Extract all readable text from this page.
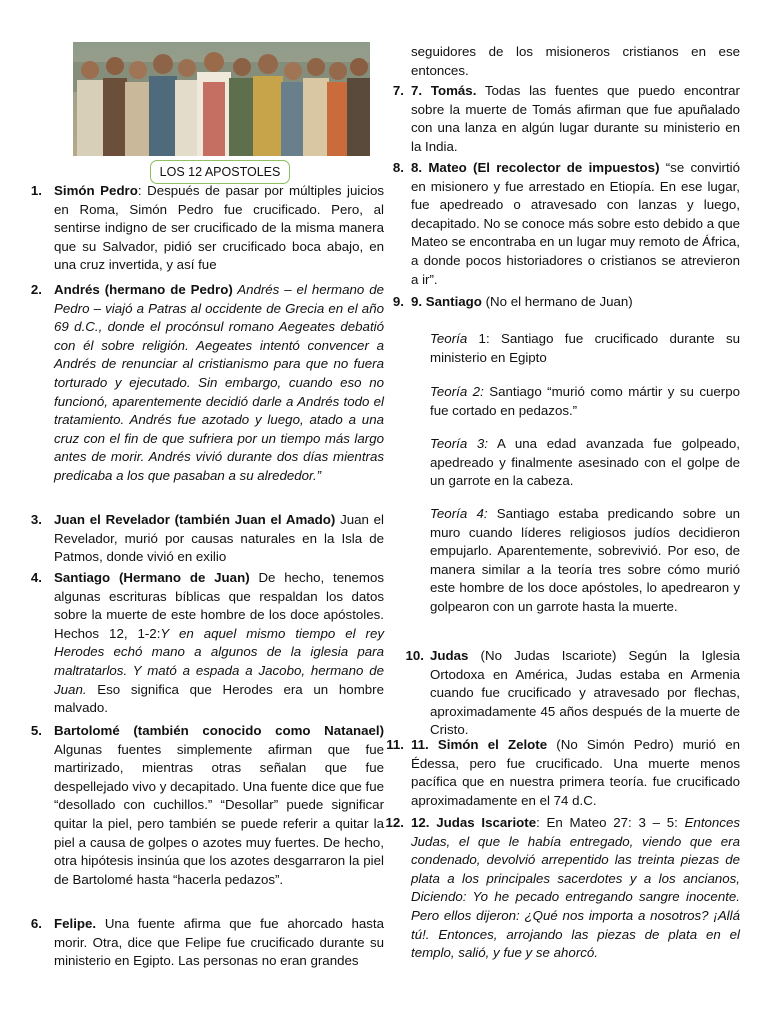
LOS 12 APOSTOLES
1. Simón Pedro: Después de pasar por múltiples juicios en Roma, Simón Pedro fue crucificado. Pero, al sentirse indigno de ser crucificado de la misma manera que su Salvador, pidió ser crucificado boca abajo, en una cruz invertida, y así fue
2. Andrés (hermano de Pedro) Andrés – el hermano de Pedro – viajó a Patras al occidente de Grecia en el año 69 d.C., donde el procónsul romano Aegeates debatió con él sobre religión. Aegeates intentó convencer a Andrés de renunciar al cristianismo para que no fuera torturado y ejecutado. Sin embargo, cuando eso no funcionó, aparentemente decidió darle a Andrés todo el tratamiento. Andrés fue azotado y luego, atado a una cruz con el fin de que sufriera por un tiempo más largo antes de morir. Andrés vivió durante dos días mientras predicaba a los que pasaban a su alrededor.”
3. Juan el Revelador (también Juan el Amado) Juan el Revelador, murió por causas naturales en la Isla de Patmos, donde vivió en exilio
4. Santiago (Hermano de Juan) De hecho, tenemos algunas escrituras bíblicas que respaldan los datos sobre la muerte de este hombre de los doce apóstoles. Hechos 12, 1-2:Y en aquel mismo tiempo el rey Herodes echó mano a algunos de la iglesia para maltratarlos. Y mató a espada a Jacobo, hermano de Juan. Eso significa que Herodes era un hombre malvado.
5. Bartolomé (también conocido como Natanael) Algunas fuentes simplemente afirman que fue martirizado, mientras otras señalan que fue despellejado vivo y decapitado. Una fuente dice que fue “desollado con cuchillos.” “Desollar” puede significar quitar la piel, pero también se puede referir a quitar la piel a causa de golpes o azotes muy fuertes. De hecho, otra hipótesis insinúa que los azotes desgarraron la piel de Bartolomé hasta “hacerla pedazos”.
6. Felipe. Una fuente afirma que fue ahorcado hasta morir. Otra, dice que Felipe fue crucificado durante su ministerio en Egipto. Las personas no eran grandes
seguidores de los misioneros cristianos en ese entonces.
7. 7. Tomás. Todas las fuentes que puedo encontrar sobre la muerte de Tomás afirman que fue apuñalado con una lanza en algún lugar durante su ministerio en la India.
8. 8. Mateo (El recolector de impuestos) “se convirtió en misionero y fue arrestado en Etiopía. En ese lugar, fue apedreado o atravesado con lanzas y luego, decapitado. No se conoce más sobre esto debido a que Mateo se encontraba en un lugar muy remoto de África, a donde pocos historiadores o cristianos se atrevieron a ir”.
9. 9. Santiago (No el hermano de Juan)
Teoría 1: Santiago fue crucificado durante su ministerio en Egipto
Teoría 2: Santiago “murió como mártir y su cuerpo fue cortado en pedazos.”
Teoría 3: A una edad avanzada fue golpeado, apedreado y finalmente asesinado con el golpe de un garrote en la cabeza.
Teoría 4: Santiago estaba predicando sobre un muro cuando líderes religiosos judíos decidieron empujarlo. Aparentemente, sobrevivió. Por eso, de manera similar a la teoría tres sobre cómo murió este hombre de los doce apóstoles, lo apedrearon y golpearon con un garrote hasta la muerte.
10. Judas (No Judas Iscariote) Según la Iglesia Ortodoxa en América, Judas estaba en Armenia cuando fue crucificado y atravesado por flechas, aproximadamente 45 años después de la muerte de Cristo.
11. 11. Simón el Zelote (No Simón Pedro) murió en Édessa, pero fue crucificado. Una muerte menos pacífica que en nuestra primera teoría. fue crucificado aproximadamente en el 74 d.C.
12. 12. Judas Iscariote: En Mateo 27: 3 – 5: Entonces Judas, el que le había entregado, viendo que era condenado, devolvió arrepentido las treinta piezas de plata a los principales sacerdotes y a los ancianos, Diciendo: Yo he pecado entregando sangre inocente. Pero ellos dijeron: ¿Qué nos importa a nosotros? ¡Allá tú!. Entonces, arrojando las piezas de plata en el templo, salió, y fue y se ahorcó.
